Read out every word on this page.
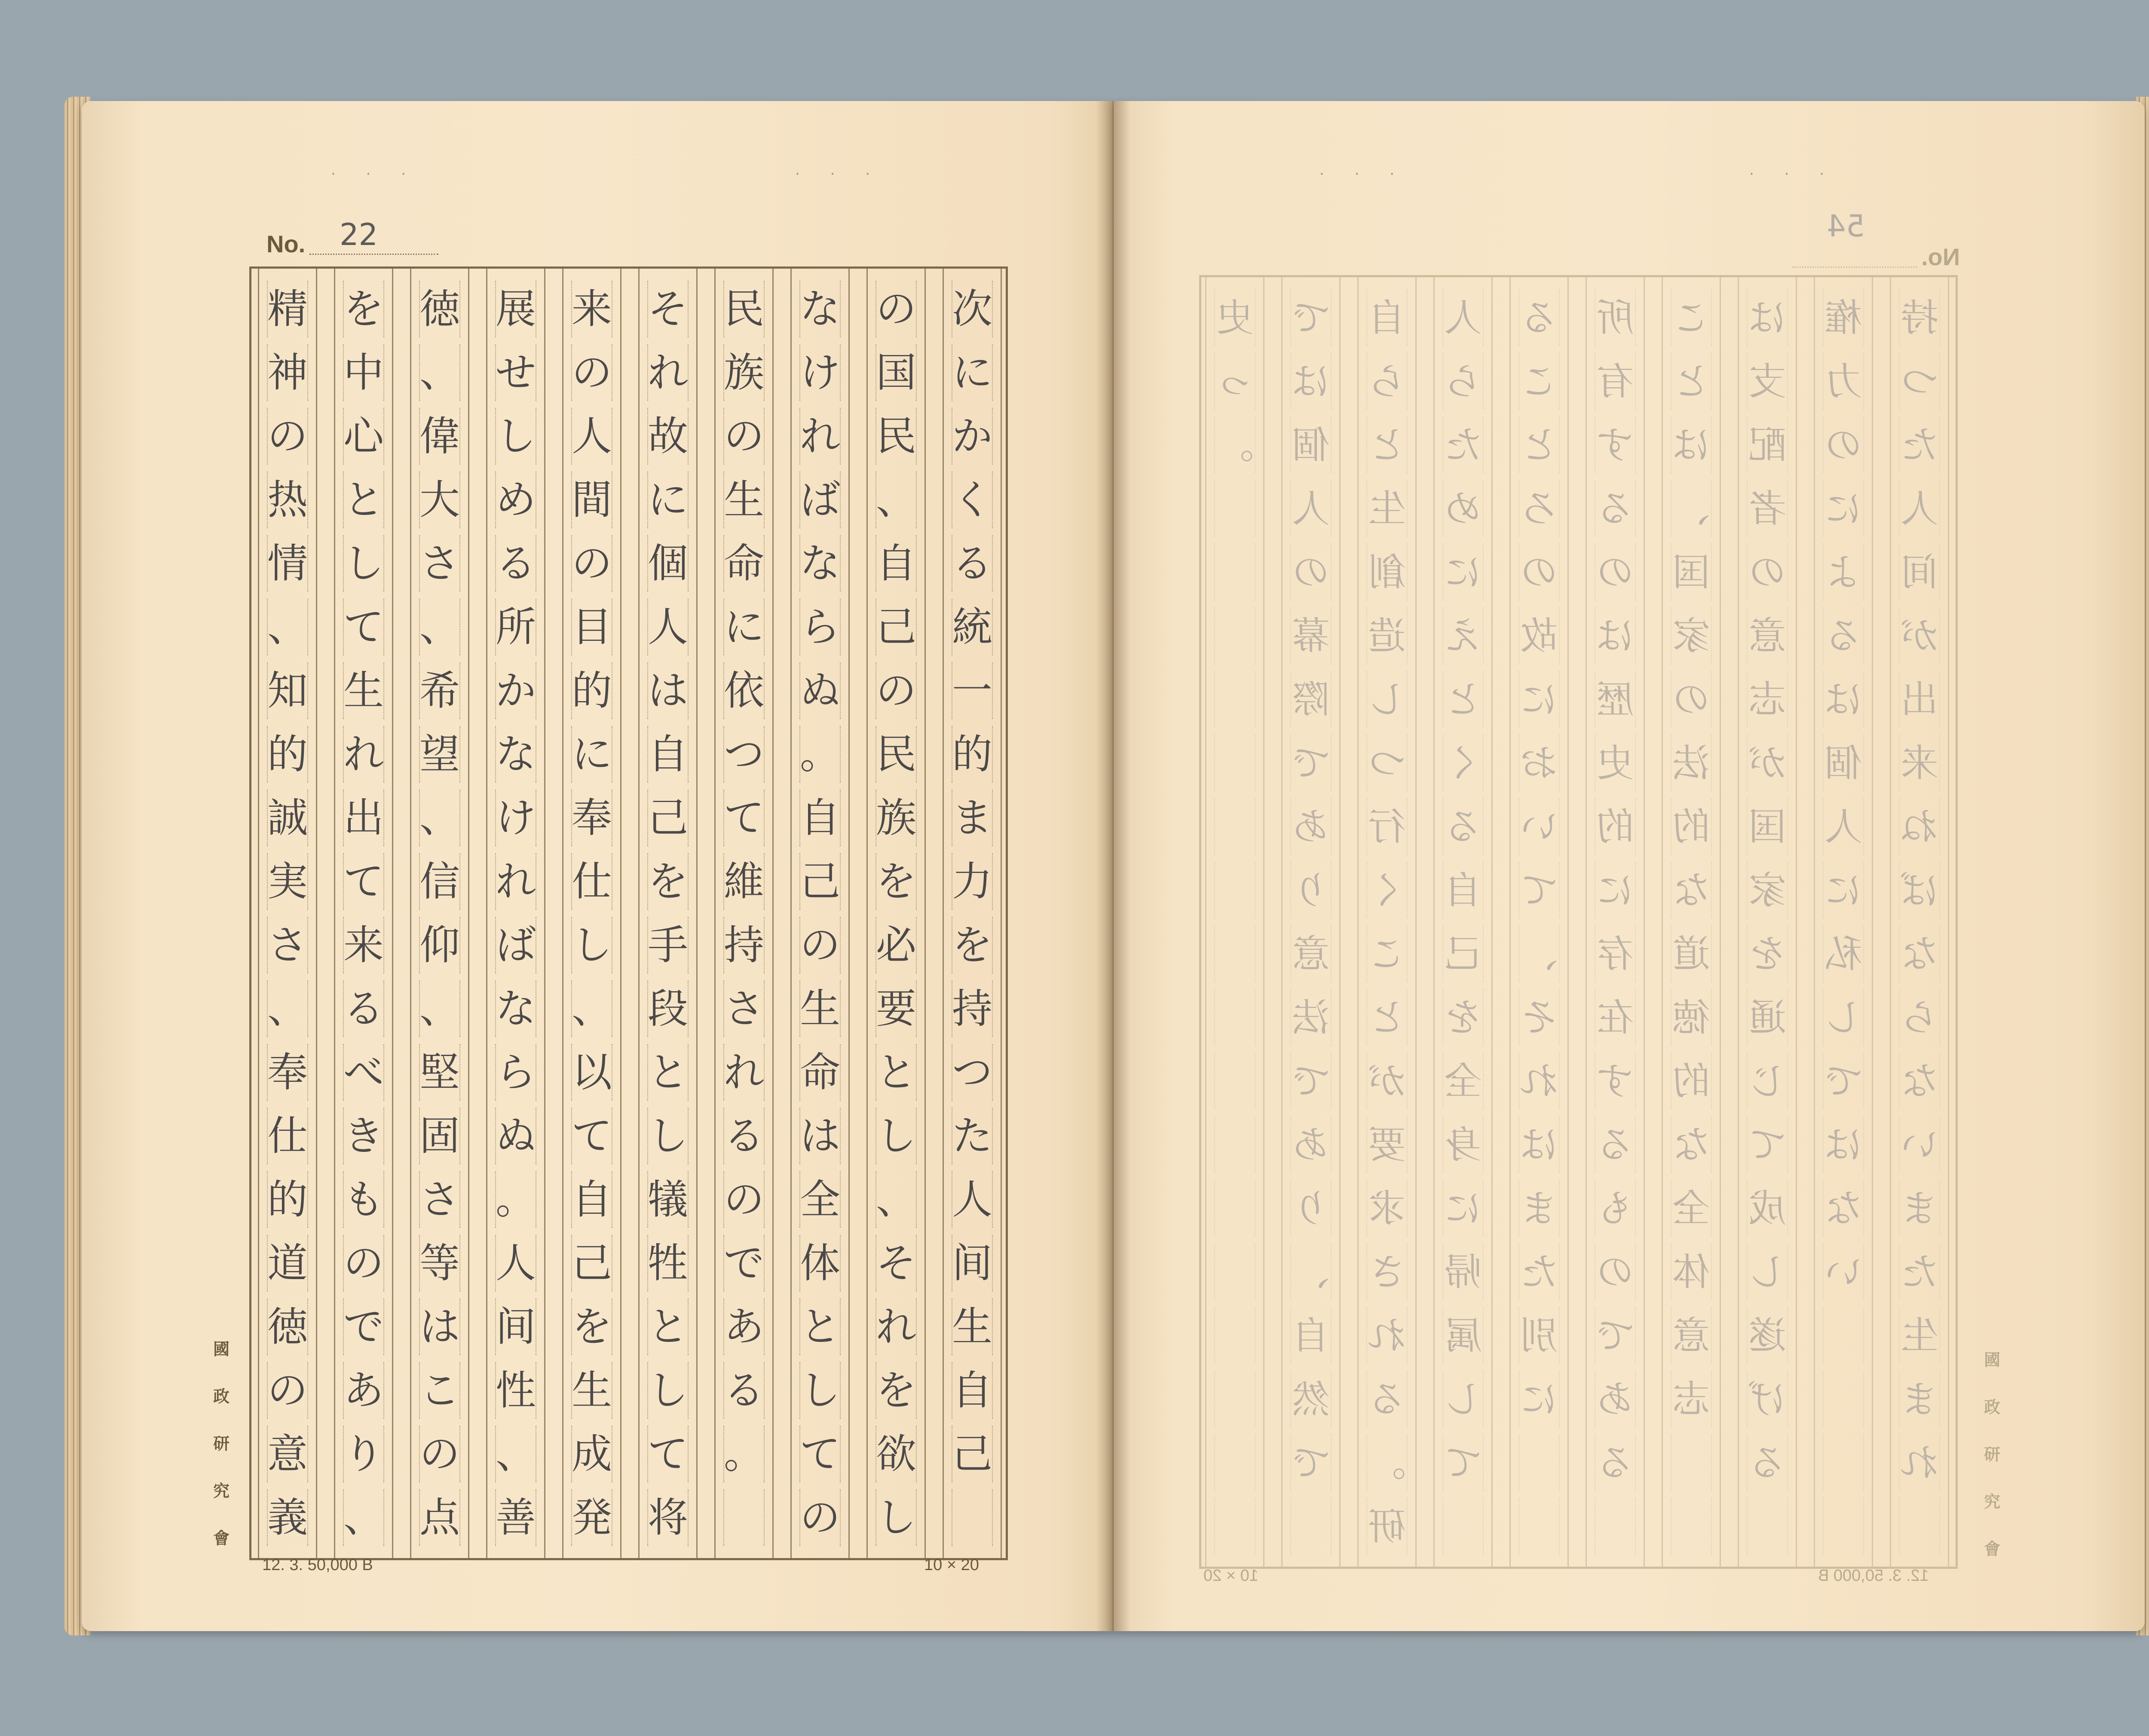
· · ·	· · ·
No. 22
次
に
か
く
る
統
一
的
ま
力
を
持
つ
た
人
间
生
自
己
の
国
民
、
自
己
の
民
族
を
必
要
と
し
、
そ
れ
を
欲
し
な
け
れ
ば
な
ら
ぬ
。
自
己
の
生
命
は
全
体
と
し
て
の
民
族
の
生
命
に
依
つ
て
維
持
さ
れ
る
の
で
あ
る
。
そ
れ
故
に
個
人
は
自
己
を
手
段
と
し
犠
牲
と
し
て
将
来
の
人
間
の
目
的
に
奉
仕
し
、
以
て
自
己
を
生
成
発
展
せ
し
め
る
所
か
な
け
れ
ば
な
ら
ぬ
。
人
间
性
、
善
徳
、
偉
大
さ
、
希
望
、
信
仰
、
堅
固
さ
等
は
こ
の
点
を
中
心
と
し
て
生
れ
出
て
来
る
べ
き
も
の
で
あ
り
、
精
神
の
热
情
、
知
的
誠
実
さ
、
奉
仕
的
道
徳
の
意
義
國
政
研
究
會
12. 3. 50,000 B	10 × 20
· · ·	· · ·
No.
54
史
っ
。
で
は
個
人
の
幕
際
で
あ
り
意
法
で
あ
り
、
自
然
で
自
ら
と
生
創
造
し
つ
行
く
こ
と
が
要
求
さ
れ
る
。
研
人
ら
た
め
に
え
と
く
る
自
己
を
全
身
に
帰
属
し
て
る
こ
と
ろ
の
故
に
お
い
て
、
そ
れ
は
ま
た
別
に
所
有
す
る
の
は
歴
史
的
に
存
在
す
る
も
の
で
あ
る
こ
と
は
、
国
家
の
法
的
な
道
徳
的
な
全
体
意
志
は
支
配
者
の
意
志
が
国
家
を
通
じ
て
成
し
遂
げ
る
権
力
の
に
よ
る
は
個
人
に
私
し
で
は
な
い
持
つ
た
人
间
が
出
来
ね
ば
な
ら
な
い
ま
た
生
ま
れ
國
政
研
究
會
12. 3. 50,000 B
10 × 20
